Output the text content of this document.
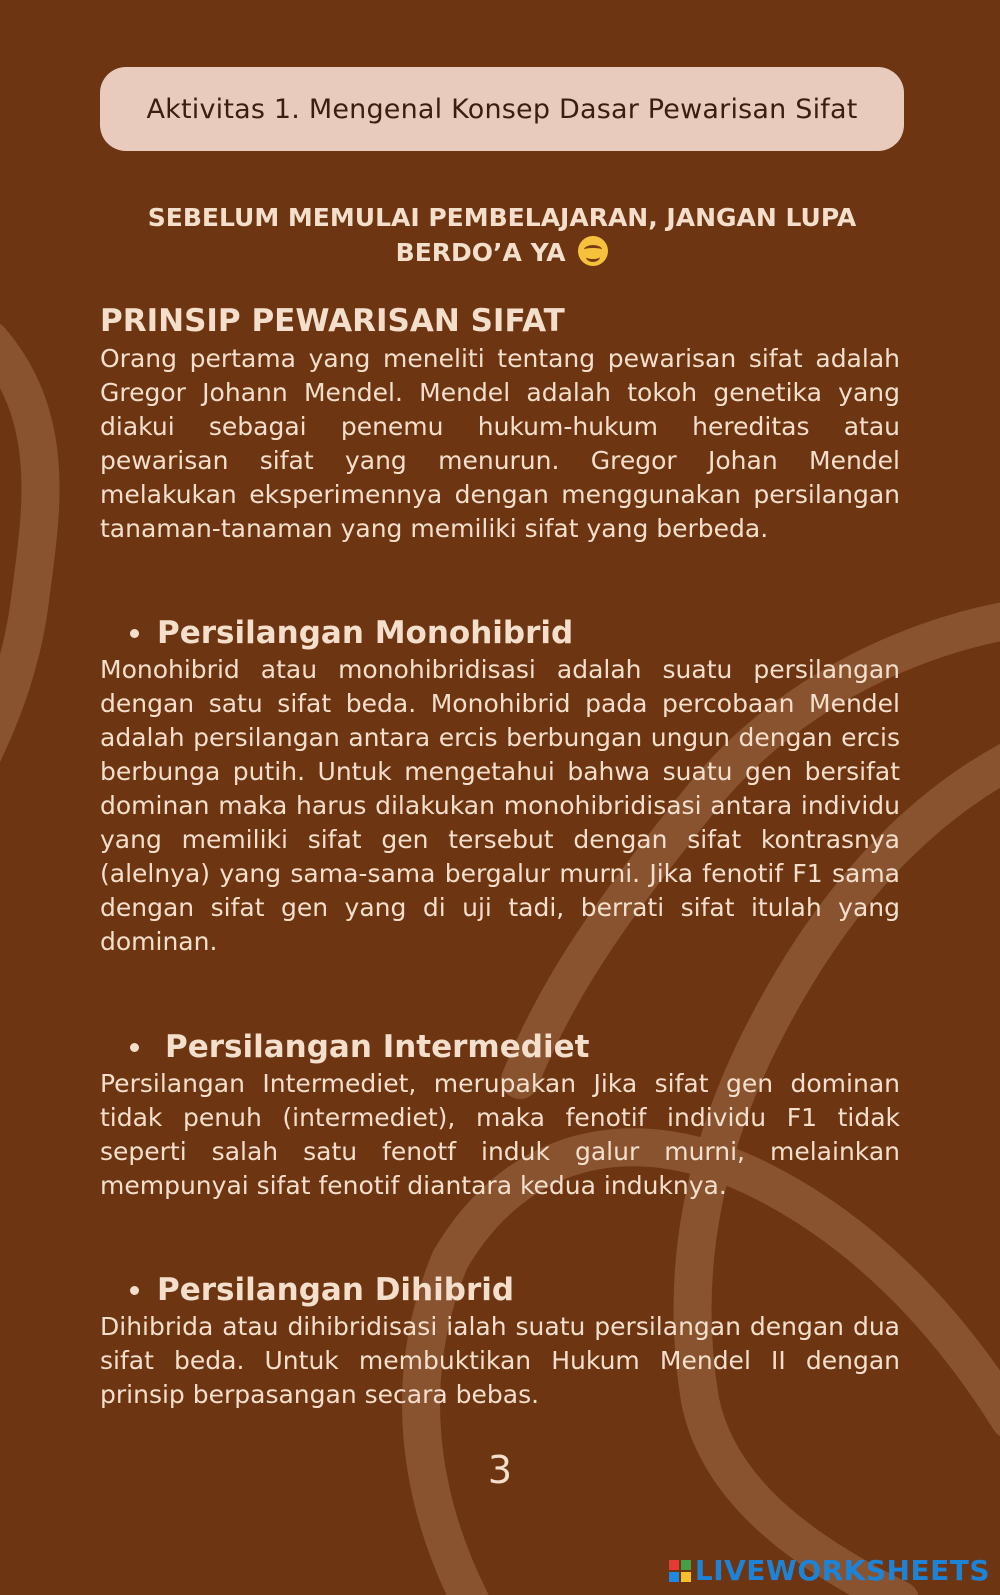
Aktivitas 1. Mengenal Konsep Dasar Pewarisan Sifat
SEBELUM MEMULAI PEMBELAJARAN, JANGAN LUPA
BERDO’A YA
PRINSIP PEWARISAN SIFAT
Orang pertama yang meneliti tentang pewarisan sifat adalah Gregor Johann Mendel. Mendel adalah tokoh genetika yang diakui sebagai penemu hukum-hukum hereditas atau pewarisan sifat yang menurun. Gregor Johan Mendel melakukan eksperimennya dengan menggunakan persilangan tanaman-tanaman yang memiliki sifat yang berbeda.
Persilangan Monohibrid
Monohibrid atau monohibridisasi adalah suatu persilangan dengan satu sifat beda. Monohibrid pada percobaan Mendel adalah persilangan antara ercis berbungan ungun dengan ercis berbunga putih. Untuk mengetahui bahwa suatu gen bersifat dominan maka harus dilakukan monohibridisasi antara individu yang memiliki sifat gen tersebut dengan sifat kontrasnya (alelnya) yang sama-sama bergalur murni. Jika fenotif F1 sama dengan sifat gen yang di uji tadi, berrati sifat itulah yang dominan.
Persilangan Intermediet
Persilangan Intermediet, merupakan Jika sifat gen dominan tidak penuh (intermediet), maka fenotif individu F1 tidak seperti salah satu fenotf induk galur murni, melainkan mempunyai sifat fenotif diantara kedua induknya.
Persilangan Dihibrid
Dihibrida atau dihibridisasi ialah suatu persilangan dengan dua sifat beda. Untuk membuktikan Hukum Mendel II dengan prinsip berpasangan secara bebas.
3
LIVEWORKSHEETS
